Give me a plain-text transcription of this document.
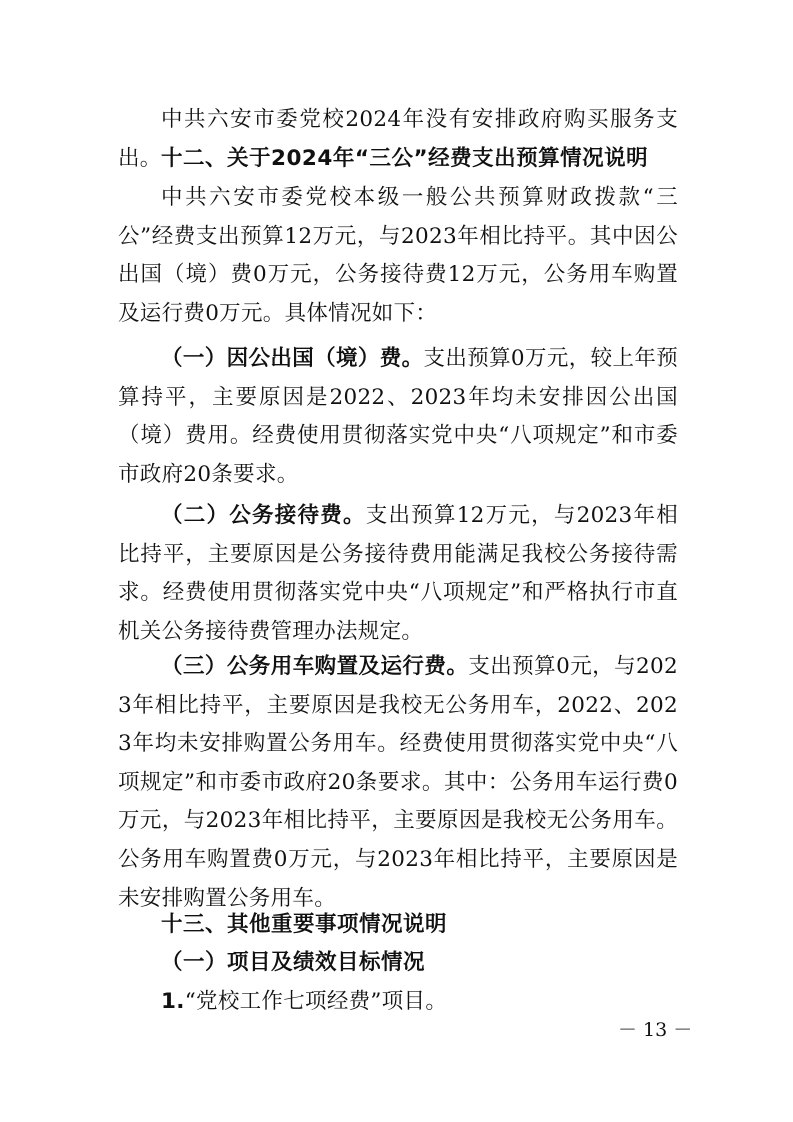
中共六安市委党校2024年没有安排政府购买服务支出。 十二、关于2024年“三公”经费支出预算情况说明

中共六安市委党校本级一般公共预算财政拨款“三公”经费支出预算12万元，与2023年相比持平。其中因公出国（境）费0万元，公务接待费12万元，公务用车购置及运行费0万元。具体情况如下：

（一）因公出国（境）费。支出预算0万元，较上年预算持平，主要原因是2022、2023年均未安排因公出国（境）费用。经费使用贯彻落实党中央“八项规定”和市委市政府20条要求。

（二）公务接待费。支出预算12万元，与2023年相比持平，主要原因是公务接待费用能满足我校公务接待需求。经费使用贯彻落实党中央“八项规定”和严格执行市直机关公务接待费管理办法规定。

（三）公务用车购置及运行费。支出预算0元，与2023年相比持平，主要原因是我校无公务用车，2022、2023年均未安排购置公务用车。经费使用贯彻落实党中央“八项规定”和市委市政府20条要求。其中：公务用车运行费0万元，与2023年相比持平，主要原因是我校无公务用车。公务用车购置费0万元，与2023年相比持平，主要原因是未安排购置公务用车。

十三、其他重要事项情况说明

（一）项目及绩效目标情况

1.“党校工作七项经费”项目。

－ 13 －
